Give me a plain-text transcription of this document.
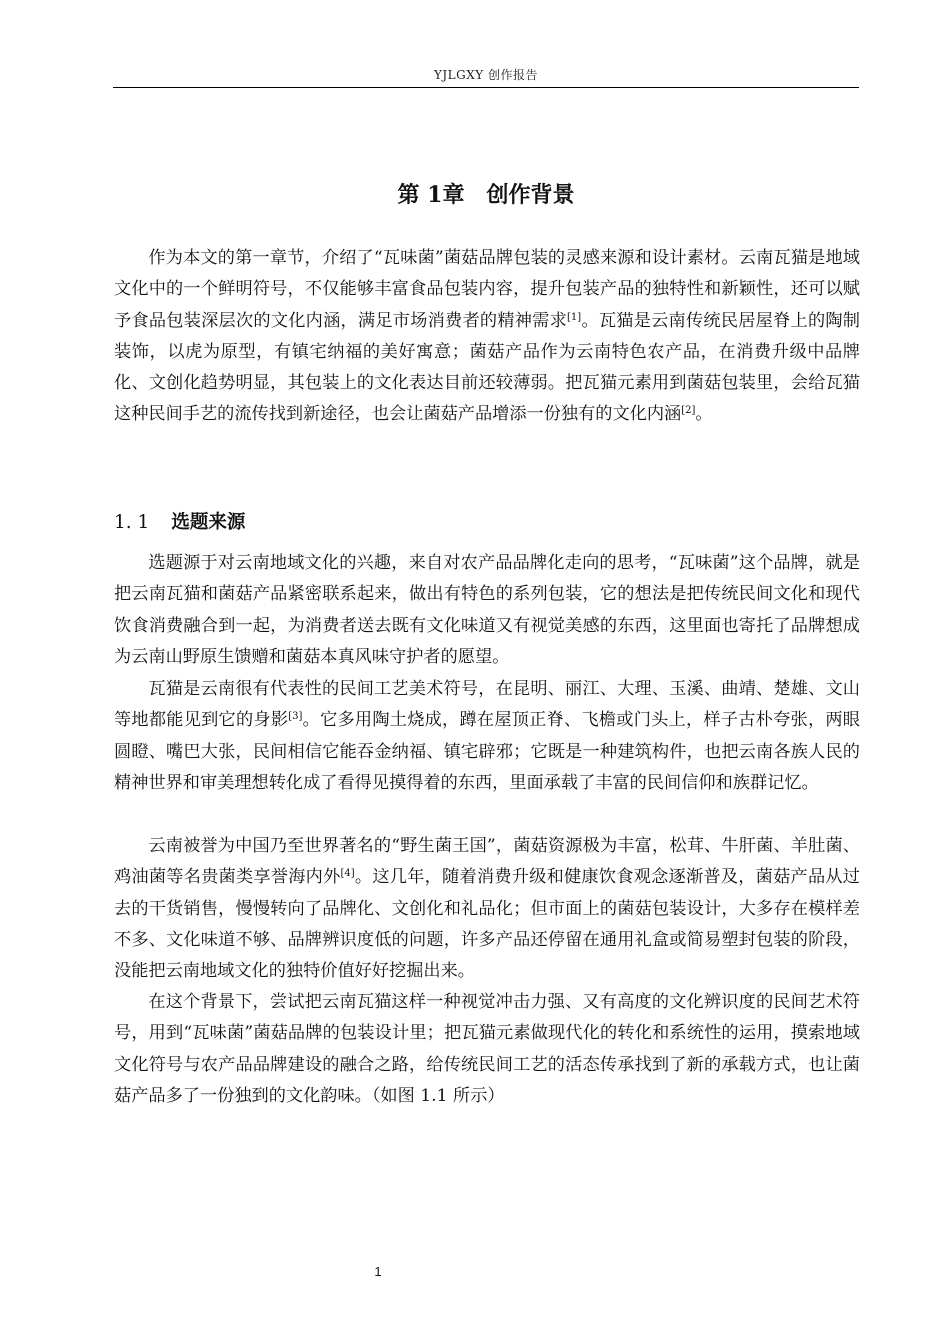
YJLGXY 创作报告
第 1章 创作背景

作为本文的第一章节，介绍了“瓦味菌”菌菇品牌包装的灵感来源和设计素材。云南瓦猫是地域文化中的一个鲜明符号，不仅能够丰富食品包装内容，提升包装产品的独特性和新颖性，还可以赋予食品包装深层次的文化内涵，满足市场消费者的精神需求[1]。瓦猫是云南传统民居屋脊上的陶制装饰，以虎为原型，有镇宅纳福的美好寓意；菌菇产品作为云南特色农产品，在消费升级中品牌化、文创化趋势明显，其包装上的文化表达目前还较薄弱。把瓦猫元素用到菌菇包装里，会给瓦猫这种民间手艺的流传找到新途径，也会让菌菇产品增添一份独有的文化内涵[2]。

1. 1 选题来源

选题源于对云南地域文化的兴趣，来自对农产品品牌化走向的思考，“瓦味菌”这个品牌，就是把云南瓦猫和菌菇产品紧密联系起来，做出有特色的系列包装，它的想法是把传统民间文化和现代饮食消费融合到一起，为消费者送去既有文化味道又有视觉美感的东西，这里面也寄托了品牌想成为云南山野原生馈赠和菌菇本真风味守护者的愿望。

瓦猫是云南很有代表性的民间工艺美术符号，在昆明、丽江、大理、玉溪、曲靖、楚雄、文山等地都能见到它的身影[3]。它多用陶土烧成，蹲在屋顶正脊、飞檐或门头上，样子古朴夸张，两眼圆瞪、嘴巴大张，民间相信它能吞金纳福、镇宅辟邪；它既是一种建筑构件，也把云南各族人民的精神世界和审美理想转化成了看得见摸得着的东西，里面承载了丰富的民间信仰和族群记忆。

云南被誉为中国乃至世界著名的“野生菌王国”，菌菇资源极为丰富，松茸、牛肝菌、羊肚菌、鸡油菌等名贵菌类享誉海内外[4]。这几年，随着消费升级和健康饮食观念逐渐普及，菌菇产品从过去的干货销售，慢慢转向了品牌化、文创化和礼品化；但市面上的菌菇包装设计，大多存在模样差不多、文化味道不够、品牌辨识度低的问题，许多产品还停留在通用礼盒或简易塑封包装的阶段，没能把云南地域文化的独特价值好好挖掘出来。

在这个背景下，尝试把云南瓦猫这样一种视觉冲击力强、又有高度的文化辨识度的民间艺术符号，用到“瓦味菌”菌菇品牌的包装设计里；把瓦猫元素做现代化的转化和系统性的运用，摸索地域文化符号与农产品品牌建设的融合之路，给传统民间工艺的活态传承找到了新的承载方式，也让菌菇产品多了一份独到的文化韵味。（如图 1.1 所示）

1
